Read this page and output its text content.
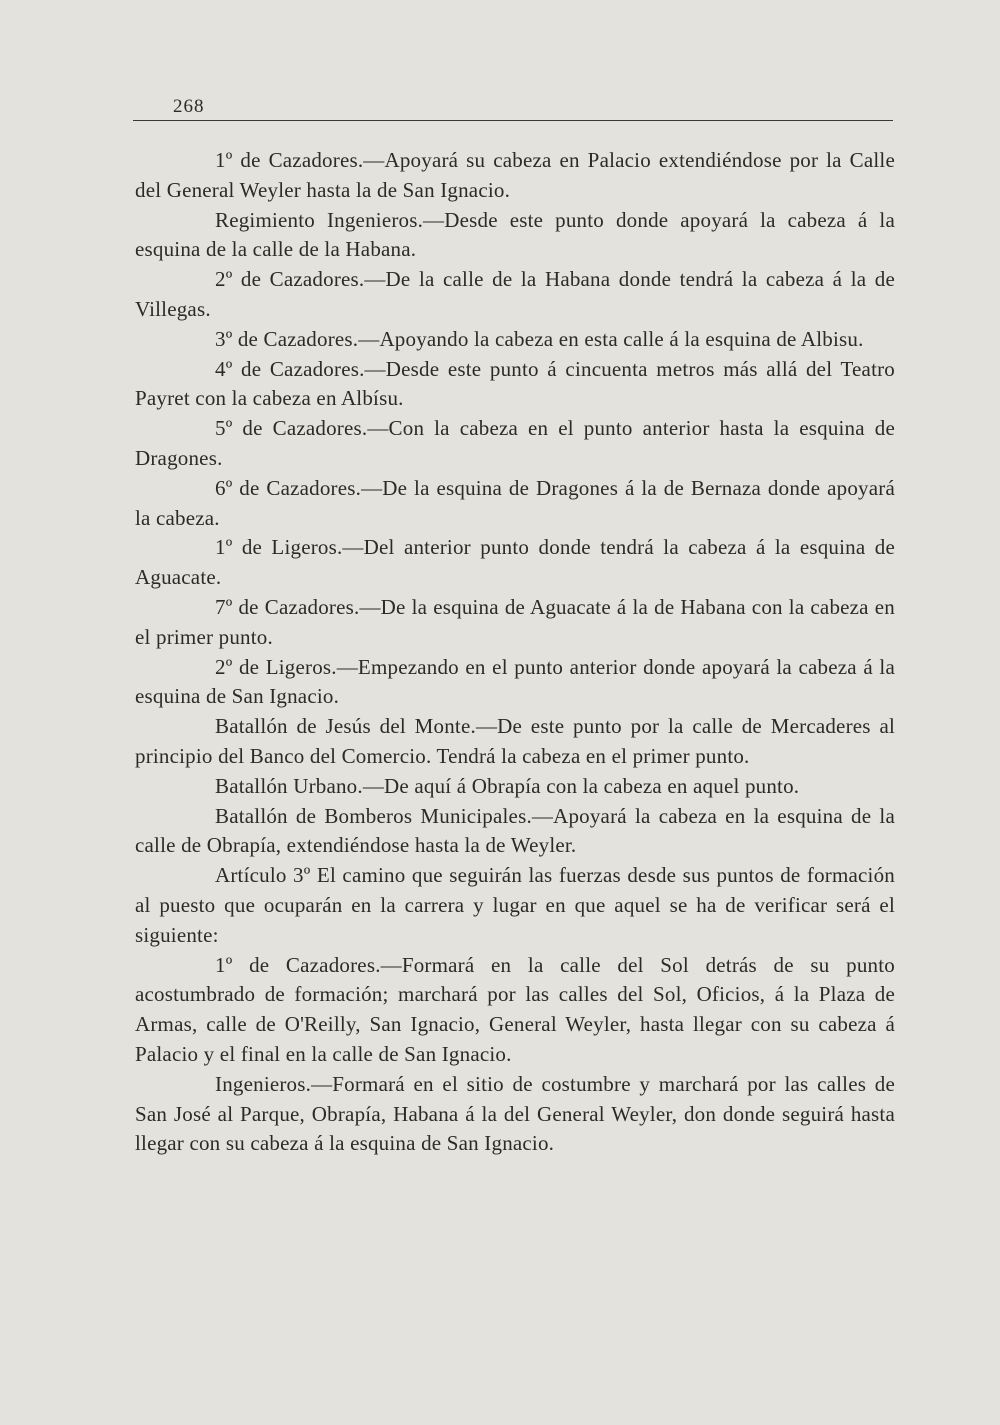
268

1º de Cazadores.—Apoyará su cabeza en Palacio extendiéndose por la Calle del General Weyler hasta la de San Ignacio.

Regimiento Ingenieros.—Desde este punto donde apoyará la cabeza á la esquina de la calle de la Habana.

2º de Cazadores.—De la calle de la Habana donde tendrá la cabeza á la de Villegas.

3º de Cazadores.—Apoyando la cabeza en esta calle á la esquina de Albisu.

4º de Cazadores.—Desde este punto á cincuenta metros más allá del Teatro Payret con la cabeza en Albísu.

5º de Cazadores.—Con la cabeza en el punto anterior hasta la esquina de Dragones.

6º de Cazadores.—De la esquina de Dragones á la de Bernaza donde apoyará la cabeza.

1º de Ligeros.—Del anterior punto donde tendrá la cabeza á la esquina de Aguacate.

7º de Cazadores.—De la esquina de Aguacate á la de Habana con la cabeza en el primer punto.

2º de Ligeros.—Empezando en el punto anterior donde apoyará la cabeza á la esquina de San Ignacio.

Batallón de Jesús del Monte.—De este punto por la calle de Mercaderes al principio del Banco del Comercio. Tendrá la cabeza en el primer punto.

Batallón Urbano.—De aquí á Obrapía con la cabeza en aquel punto.

Batallón de Bomberos Municipales.—Apoyará la cabeza en la esquina de la calle de Obrapía, extendiéndose hasta la de Weyler.

Artículo 3º El camino que seguirán las fuerzas desde sus puntos de formación al puesto que ocuparán en la carrera y lugar en que aquel se ha de verificar será el siguiente:

1º de Cazadores.—Formará en la calle del Sol detrás de su punto acostumbrado de formación; marchará por las calles del Sol, Oficios, á la Plaza de Armas, calle de O'Reilly, San Ignacio, General Weyler, hasta llegar con su cabeza á Palacio y el final en la calle de San Ignacio.

Ingenieros.—Formará en el sitio de costumbre y marchará por las calles de San José al Parque, Obrapía, Habana á la del General Weyler, don donde seguirá hasta llegar con su cabeza á la esquina de San Ignacio.
